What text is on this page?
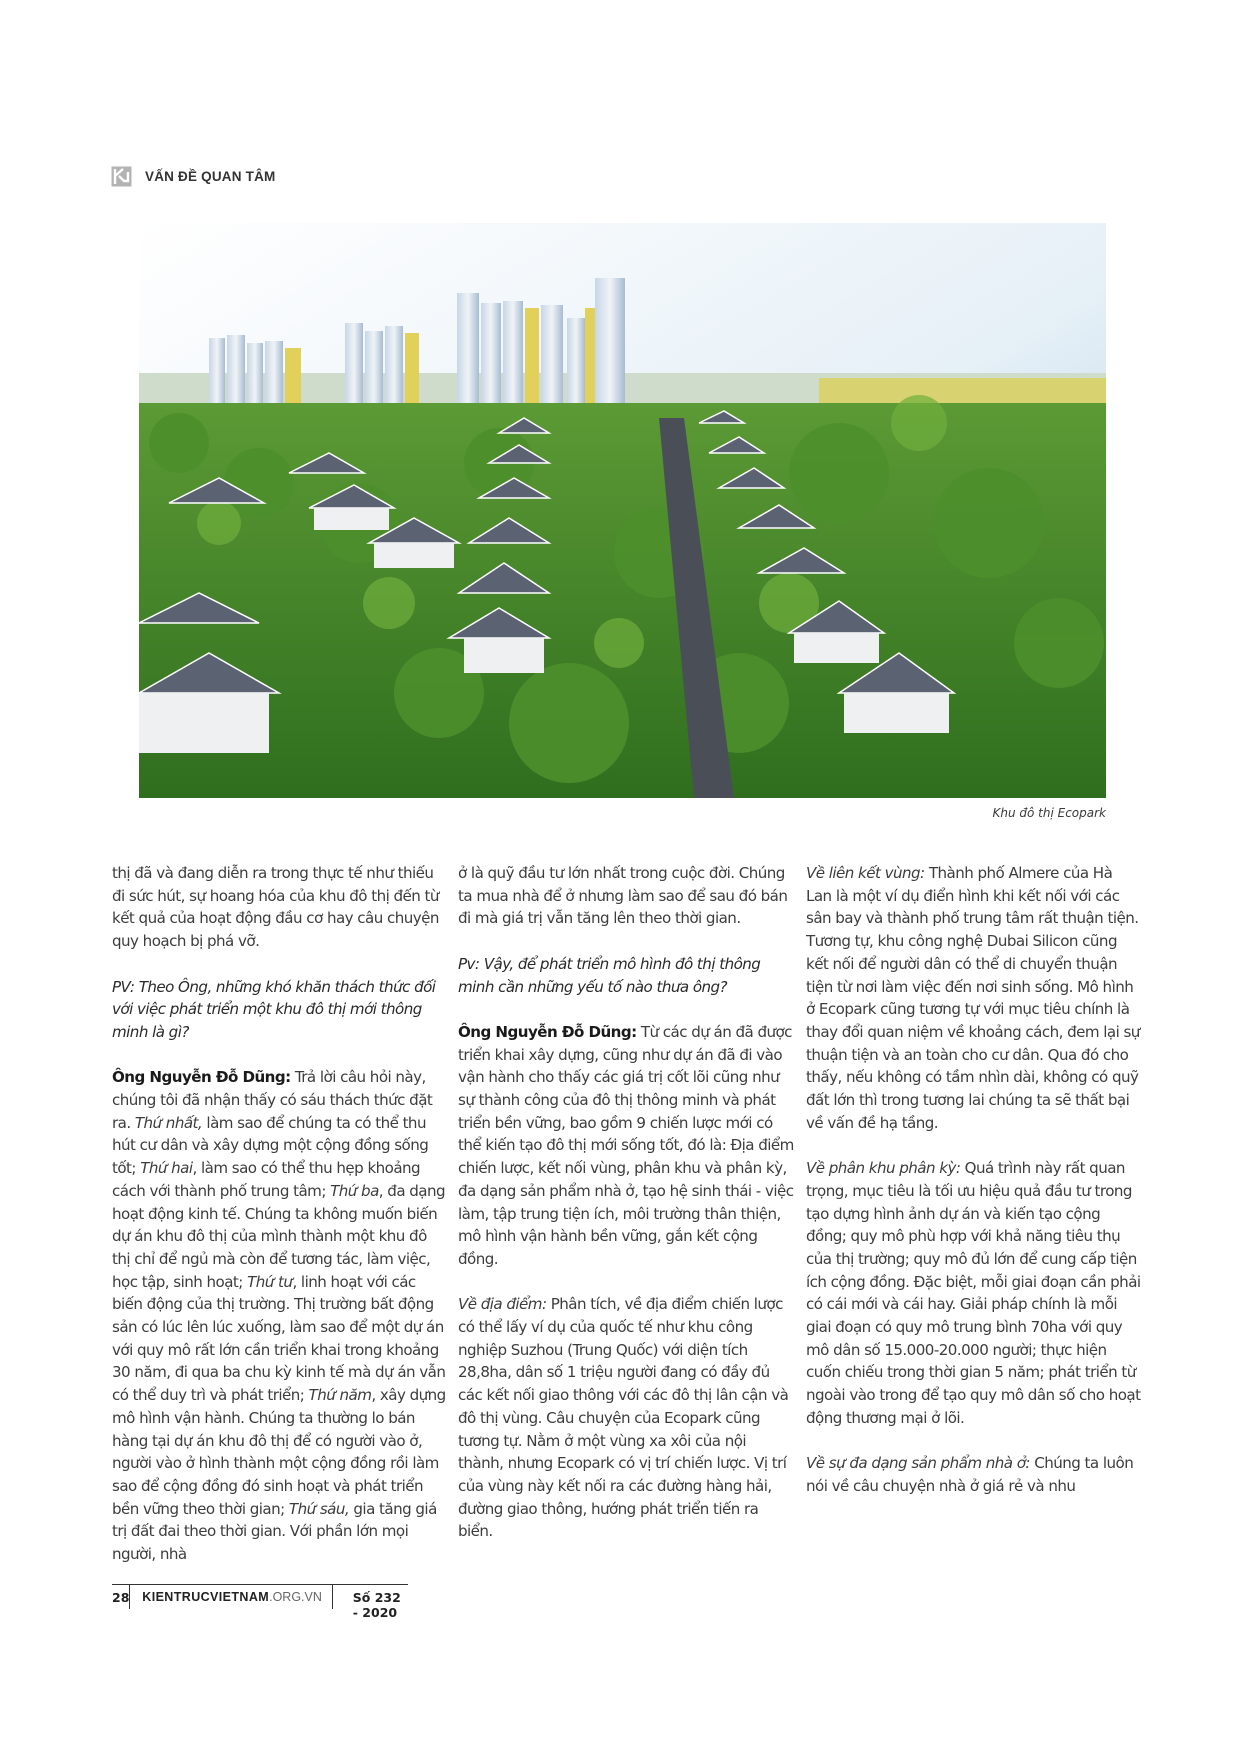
VẤN ĐỀ QUAN TÂM
Khu đô thị Ecopark

thị đã và đang diễn ra trong thực tế như thiếu đi sức hút, sự hoang hóa của khu đô thị đến từ kết quả của hoạt động đầu cơ hay câu chuyện quy hoạch bị phá vỡ.

PV: Theo Ông, những khó khăn thách thức đối với việc phát triển một khu đô thị mới thông minh là gì?

Ông Nguyễn Đỗ Dũng: Trả lời câu hỏi này, chúng tôi đã nhận thấy có sáu thách thức đặt ra. Thứ nhất, làm sao để chúng ta có thể thu hút cư dân và xây dựng một cộng đồng sống tốt; Thứ hai, làm sao có thể thu hẹp khoảng cách với thành phố trung tâm; Thứ ba, đa dạng hoạt động kinh tế. Chúng ta không muốn biến dự án khu đô thị của mình thành một khu đô thị chỉ để ngủ mà còn để tương tác, làm việc, học tập, sinh hoạt; Thứ tư, linh hoạt với các biến động của thị trường. Thị trường bất động sản có lúc lên lúc xuống, làm sao để một dự án với quy mô rất lớn cần triển khai trong khoảng 30 năm, đi qua ba chu kỳ kinh tế mà dự án vẫn có thể duy trì và phát triển; Thứ năm, xây dựng mô hình vận hành. Chúng ta thường lo bán hàng tại dự án khu đô thị để có người vào ở, người vào ở hình thành một cộng đồng rồi làm sao để cộng đồng đó sinh hoạt và phát triển bền vững theo thời gian; Thứ sáu, gia tăng giá trị đất đai theo thời gian. Với phần lớn mọi người, nhà

ở là quỹ đầu tư lớn nhất trong cuộc đời. Chúng ta mua nhà để ở nhưng làm sao để sau đó bán đi mà giá trị vẫn tăng lên theo thời gian.

Pv: Vậy, để phát triển mô hình đô thị thông minh cần những yếu tố nào thưa ông?

Ông Nguyễn Đỗ Dũng: Từ các dự án đã được triển khai xây dựng, cũng như dự án đã đi vào vận hành cho thấy các giá trị cốt lõi cũng như sự thành công của đô thị thông minh và phát triển bền vững, bao gồm 9 chiến lược mới có thể kiến tạo đô thị mới sống tốt, đó là: Địa điểm chiến lược, kết nối vùng, phân khu và phân kỳ, đa dạng sản phẩm nhà ở, tạo hệ sinh thái - việc làm, tập trung tiện ích, môi trường thân thiện, mô hình vận hành bền vững, gắn kết cộng đồng.

Về địa điểm: Phân tích, về địa điểm chiến lược có thể lấy ví dụ của quốc tế như khu công nghiệp Suzhou (Trung Quốc) với diện tích 28,8ha, dân số 1 triệu người đang có đầy đủ các kết nối giao thông với các đô thị lân cận và đô thị vùng. Câu chuyện của Ecopark cũng tương tự. Nằm ở một vùng xa xôi của nội thành, nhưng Ecopark có vị trí chiến lược. Vị trí của vùng này kết nối ra các đường hàng hải, đường giao thông, hướng phát triển tiến ra biển.

Về liên kết vùng: Thành phố Almere của Hà Lan là một ví dụ điển hình khi kết nối với các sân bay và thành phố trung tâm rất thuận tiện. Tương tự, khu công nghệ Dubai Silicon cũng kết nối để người dân có thể di chuyển thuận tiện từ nơi làm việc đến nơi sinh sống. Mô hình ở Ecopark cũng tương tự với mục tiêu chính là thay đổi quan niệm về khoảng cách, đem lại sự thuận tiện và an toàn cho cư dân. Qua đó cho thấy, nếu không có tầm nhìn dài, không có quỹ đất lớn thì trong tương lai chúng ta sẽ thất bại về vấn đề hạ tầng.

Về phân khu phân kỳ: Quá trình này rất quan trọng, mục tiêu là tối ưu hiệu quả đầu tư trong tạo dựng hình ảnh dự án và kiến tạo cộng đồng; quy mô phù hợp với khả năng tiêu thụ của thị trường; quy mô đủ lớn để cung cấp tiện ích cộng đồng. Đặc biệt, mỗi giai đoạn cần phải có cái mới và cái hay. Giải pháp chính là mỗi giai đoạn có quy mô trung bình 70ha với quy mô dân số 15.000-20.000 người; thực hiện cuốn chiếu trong thời gian 5 năm; phát triển từ ngoài vào trong để tạo quy mô dân số cho hoạt động thương mại ở lõi.

Về sự đa dạng sản phẩm nhà ở: Chúng ta luôn nói về câu chuyện nhà ở giá rẻ và nhu

28 KIENTRUCVIETNAM.ORG.VN	Số 232 - 2020
